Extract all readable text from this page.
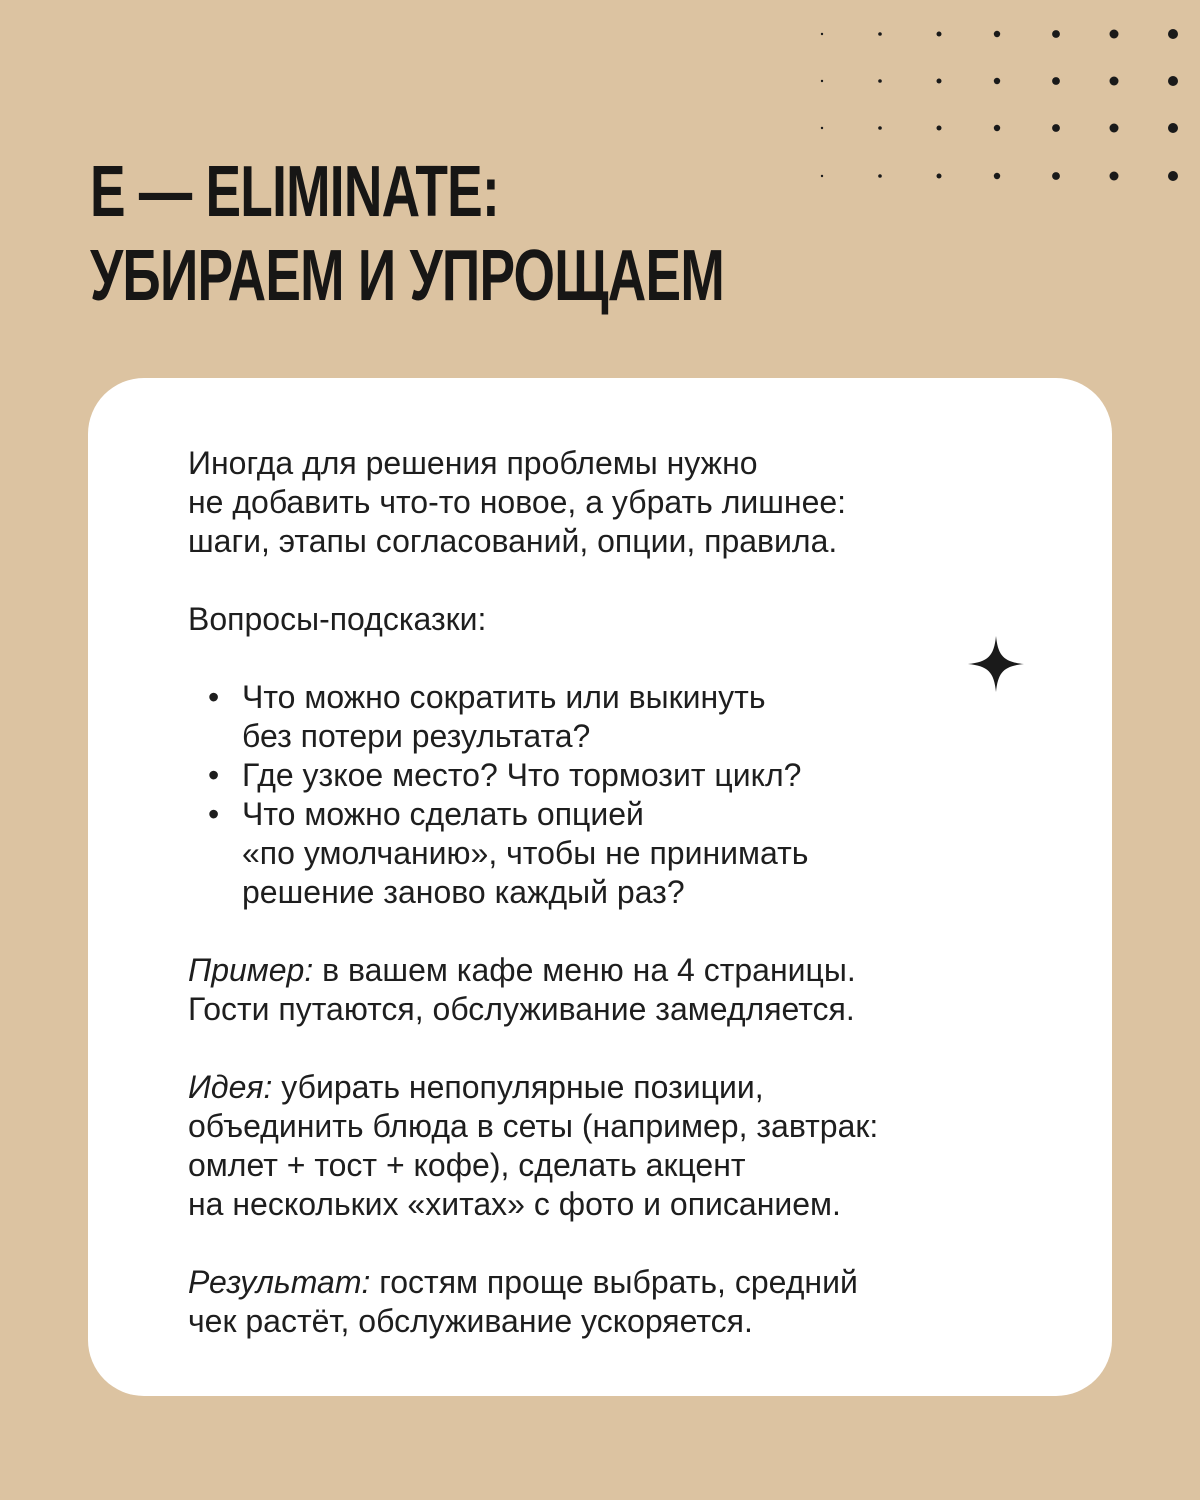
E — ELIMINATE:
УБИРАЕМ И УПРОЩАЕМ

Иногда для решения проблемы нужно
не добавить что-то новое, а убрать лишнее:
шаги, этапы согласований, опции, правила.

Вопросы-подсказки:

• Что можно сократить или выкинуть
без потери результата?
• Где узкое место? Что тормозит цикл?
• Что можно сделать опцией
«по умолчанию», чтобы не принимать
решение заново каждый раз?

Пример: в вашем кафе меню на 4 страницы.
Гости путаются, обслуживание замедляется.

Идея: убирать непопулярные позиции,
объединить блюда в сеты (например, завтрак:
омлет + тост + кофе), сделать акцент
на нескольких «хитах» с фото и описанием.

Результат: гостям проще выбрать, средний
чек растёт, обслуживание ускоряется.
